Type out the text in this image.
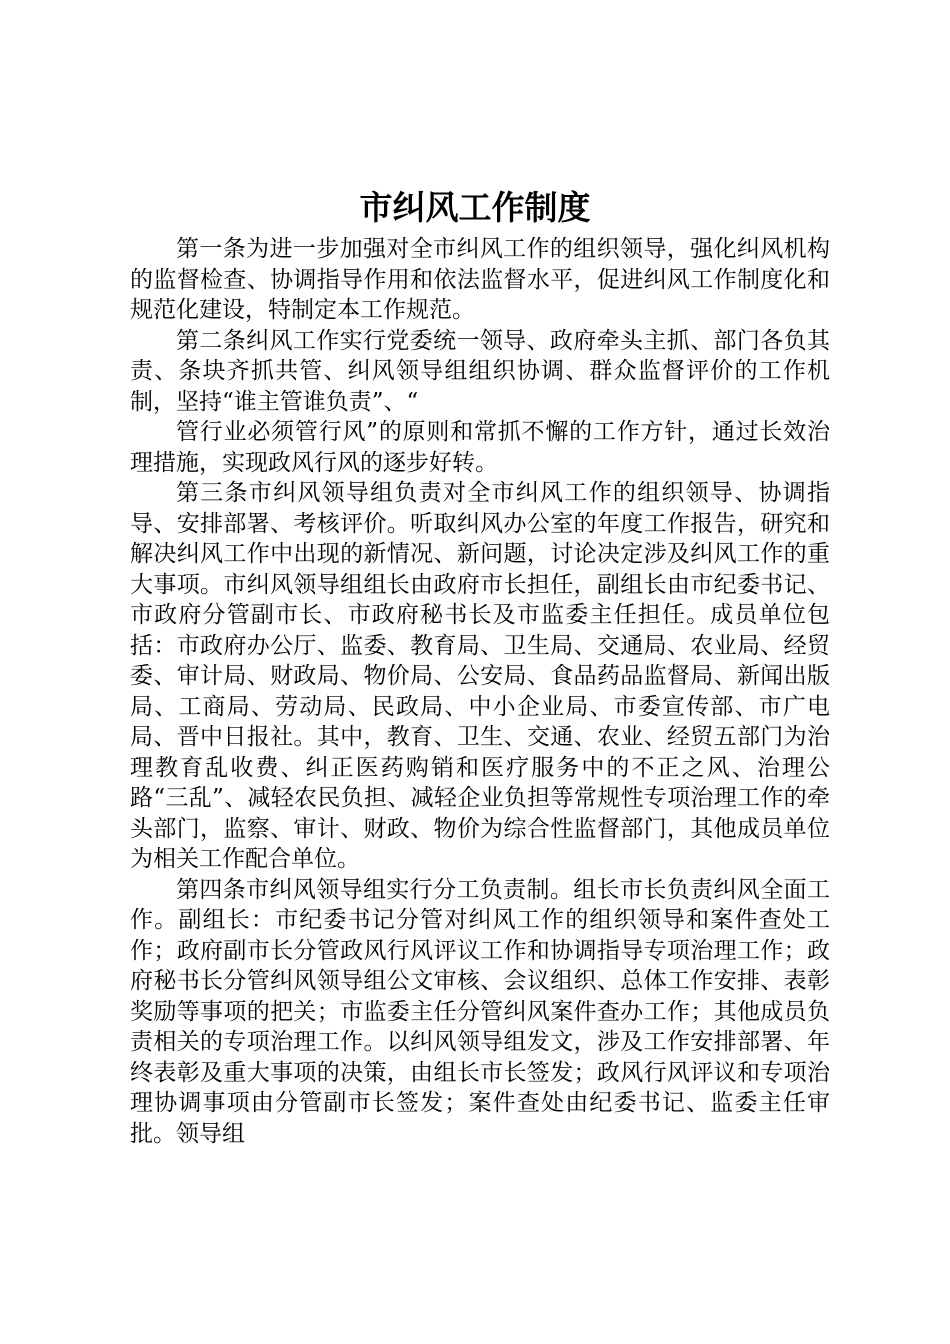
市纠风工作制度

第一条为进一步加强对全市纠风工作的组织领导，强化纠风机构的监督检查、协调指导作用和依法监督水平，促进纠风工作制度化和规范化建设，特制定本工作规范。

第二条纠风工作实行党委统一领导、政府牵头主抓、部门各负其责、条块齐抓共管、纠风领导组组织协调、群众监督评价的工作机制，坚持“谁主管谁负责”、“

管行业必须管行风”的原则和常抓不懈的工作方针，通过长效治理措施，实现政风行风的逐步好转。

第三条市纠风领导组负责对全市纠风工作的组织领导、协调指导、安排部署、考核评价。听取纠风办公室的年度工作报告，研究和解决纠风工作中出现的新情况、新问题，讨论决定涉及纠风工作的重大事项。市纠风领导组组长由政府市长担任，副组长由市纪委书记、市政府分管副市长、市政府秘书长及市监委主任担任。成员单位包括：市政府办公厅、监委、教育局、卫生局、交通局、农业局、经贸委、审计局、财政局、物价局、公安局、食品药品监督局、新闻出版局、工商局、劳动局、民政局、中小企业局、市委宣传部、市广电局、晋中日报社。其中，教育、卫生、交通、农业、经贸五部门为治理教育乱收费、纠正医药购销和医疗服务中的不正之风、治理公路“三乱”、减轻农民负担、减轻企业负担等常规性专项治理工作的牵头部门，监察、审计、财政、物价为综合性监督部门，其他成员单位为相关工作配合单位。

第四条市纠风领导组实行分工负责制。组长市长负责纠风全面工作。副组长：市纪委书记分管对纠风工作的组织领导和案件查处工作；政府副市长分管政风行风评议工作和协调指导专项治理工作；政府秘书长分管纠风领导组公文审核、会议组织、总体工作安排、表彰奖励等事项的把关；市监委主任分管纠风案件查办工作；其他成员负责相关的专项治理工作。以纠风领导组发文，涉及工作安排部署、年终表彰及重大事项的决策，由组长市长签发；政风行风评议和专项治理协调事项由分管副市长签发；案件查处由纪委书记、监委主任审批。领导组
